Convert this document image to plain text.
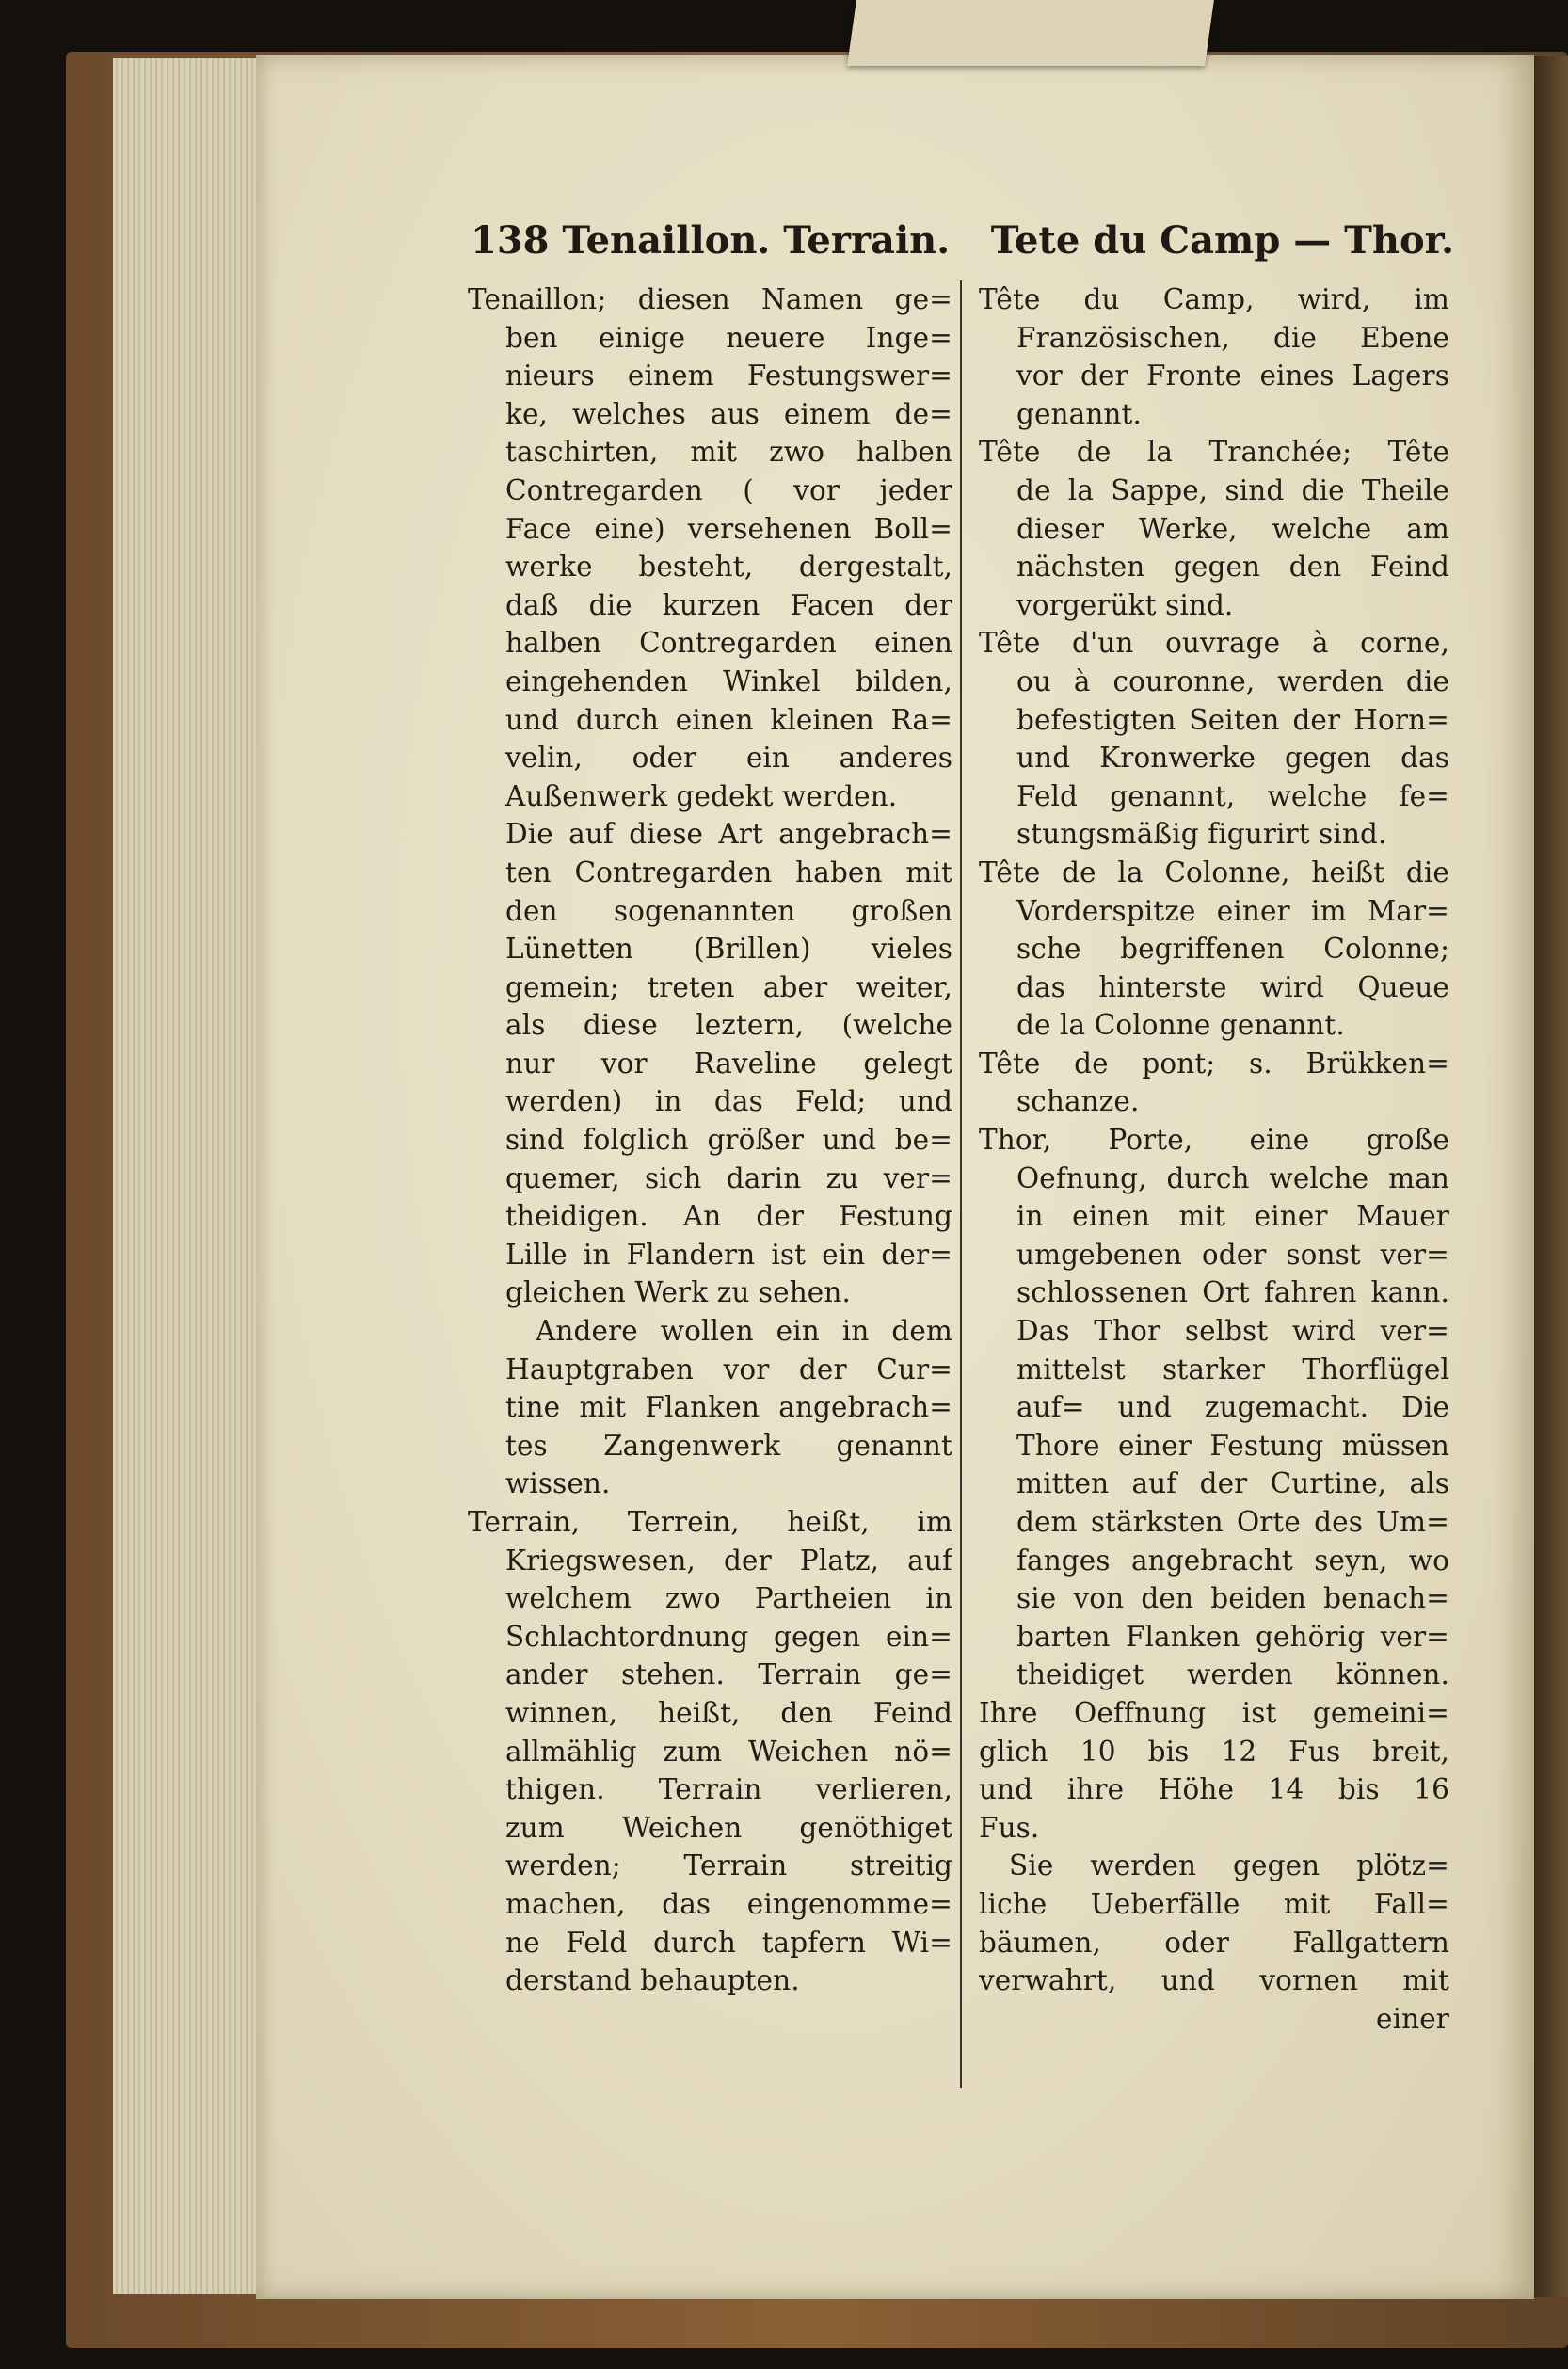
138 Tenaillon. Terrain. Tete du Camp — Thor.
Tenaillon; diesen Namen ge=
ben einige neuere Inge=
nieurs einem Festungswer=
ke, welches aus einem de=
taschirten, mit zwo halben
Contregarden ( vor jeder
Face eine) versehenen Boll=
werke besteht, dergestalt,
daß die kurzen Facen der
halben Contregarden einen
eingehenden Winkel bilden,
und durch einen kleinen Ra=
velin, oder ein anderes
Außenwerk gedekt werden.
Die auf diese Art angebrach=
ten Contregarden haben mit
den sogenannten großen
Lünetten (Brillen) vieles
gemein; treten aber weiter,
als diese leztern, (welche
nur vor Raveline gelegt
werden) in das Feld; und
sind folglich größer und be=
quemer, sich darin zu ver=
theidigen. An der Festung
Lille in Flandern ist ein der=
gleichen Werk zu sehen.
Andere wollen ein in dem
Hauptgraben vor der Cur=
tine mit Flanken angebrach=
tes Zangenwerk genannt
wissen.
Terrain, Terrein, heißt, im
Kriegswesen, der Platz, auf
welchem zwo Partheien in
Schlachtordnung gegen ein=
ander stehen. Terrain ge=
winnen, heißt, den Feind
allmählig zum Weichen nö=
thigen. Terrain verlieren,
zum Weichen genöthiget
werden; Terrain streitig
machen, das eingenomme=
ne Feld durch tapfern Wi=
derstand behaupten.
Tête du Camp, wird, im
Französischen, die Ebene
vor der Fronte eines Lagers
genannt.
Tête de la Tranchée; Tête
de la Sappe, sind die Theile
dieser Werke, welche am
nächsten gegen den Feind
vorgerükt sind.
Tête d'un ouvrage à corne,
ou à couronne, werden die
befestigten Seiten der Horn=
und Kronwerke gegen das
Feld genannt, welche fe=
stungsmäßig figurirt sind.
Tête de la Colonne, heißt die
Vorderspitze einer im Mar=
sche begriffenen Colonne;
das hinterste wird Queue
de la Colonne genannt.
Tête de pont; s. Brükken=
schanze.
Thor, Porte, eine große
Oefnung, durch welche man
in einen mit einer Mauer
umgebenen oder sonst ver=
schlossenen Ort fahren kann.
Das Thor selbst wird ver=
mittelst starker Thorflügel
auf= und zugemacht. Die
Thore einer Festung müssen
mitten auf der Curtine, als
dem stärksten Orte des Um=
fanges angebracht seyn, wo
sie von den beiden benach=
barten Flanken gehörig ver=
theidiget werden können.
Ihre Oeffnung ist gemeini=
glich 10 bis 12 Fus breit,
und ihre Höhe 14 bis 16
Fus.
Sie werden gegen plötz=
liche Ueberfälle mit Fall=
bäumen, oder Fallgattern
verwahrt, und vornen mit
einer
